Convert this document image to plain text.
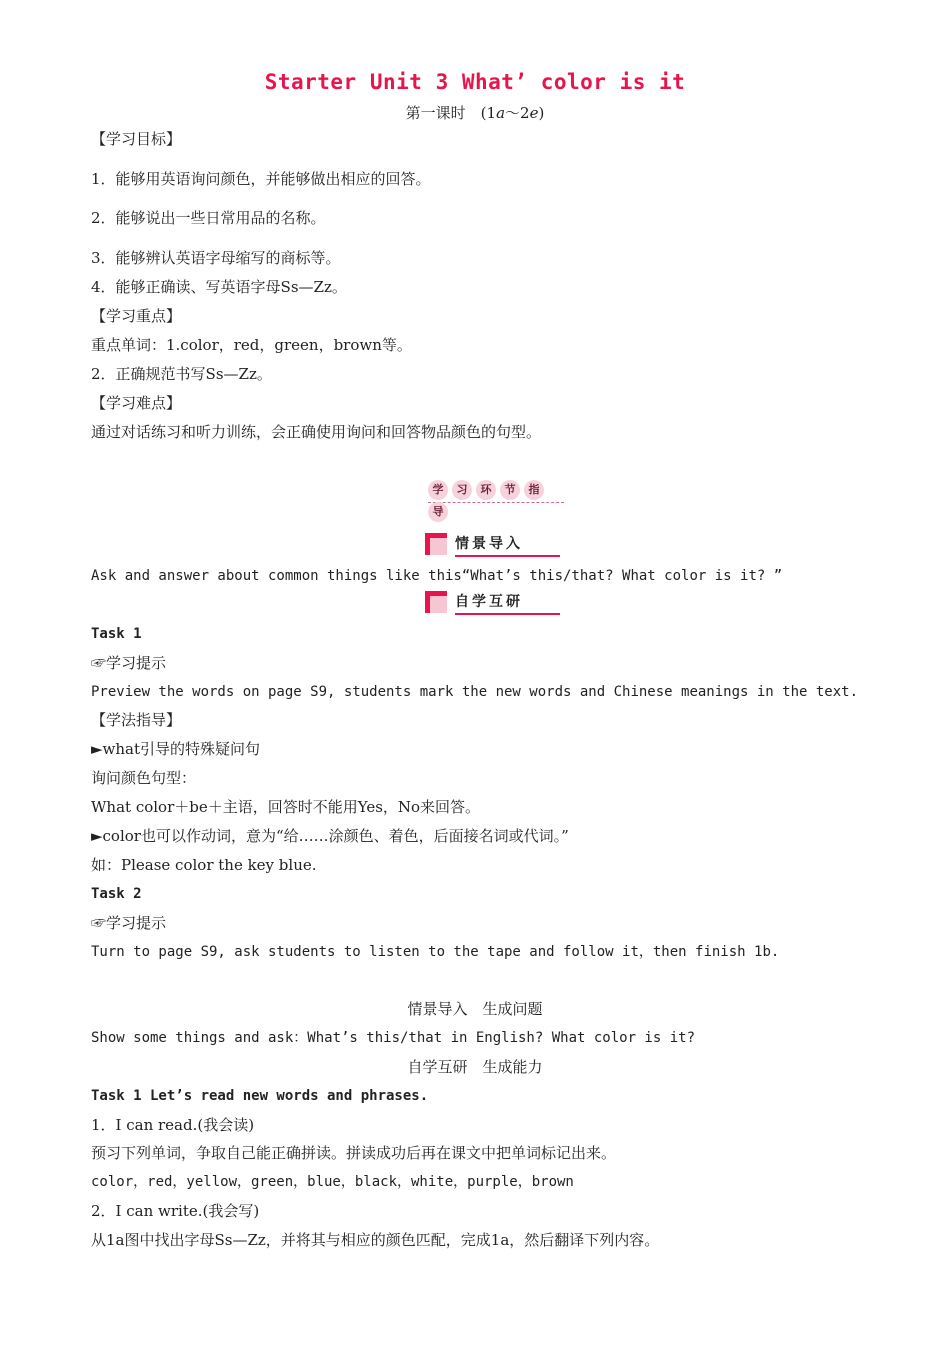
Starter Unit 3 What’ color is it
第一课时　(1a～2e)
【学习目标】
1．能够用英语询问颜色，并能够做出相应的回答。
2．能够说出一些日常用品的名称。
3．能够辨认英语字母缩写的商标等。
4．能够正确读、写英语字母Ss—Zz。
【学习重点】
重点单词：1.color，red，green，brown等。
2．正确规范书写Ss—Zz。
【学习难点】
通过对话练习和听力训练，会正确使用询问和回答物品颜色的句型。
学 习 环 节 指导
情景导入
Ask and answer about common things like this“What’s this/that? What color is it? ”
自学互研
Task 1
☞学习提示
Preview the words on page S9, students mark the new words and Chinese meanings in the text.
【学法指导】
►what引导的特殊疑问句
询问颜色句型：
What color＋be＋主语，回答时不能用Yes，No来回答。
►color也可以作动词，意为“给……涂颜色、着色，后面接名词或代词。”
如：Please color the key blue.
Task 2
☞学习提示
Turn to page S9, ask students to listen to the tape and follow it，then finish 1b.
情景导入　生成问题
Show some things and ask：What’s this/that in English? What color is it?
自学互研　生成能力
Task 1 Let’s read new words and phrases.
1．I can read.(我会读)
预习下列单词，争取自己能正确拼读。拼读成功后再在课文中把单词标记出来。
color，red，yellow，green，blue，black，white，purple，brown
2．I can write.(我会写)
从1a图中找出字母Ss—Zz，并将其与相应的颜色匹配，完成1a，然后翻译下列内容。
